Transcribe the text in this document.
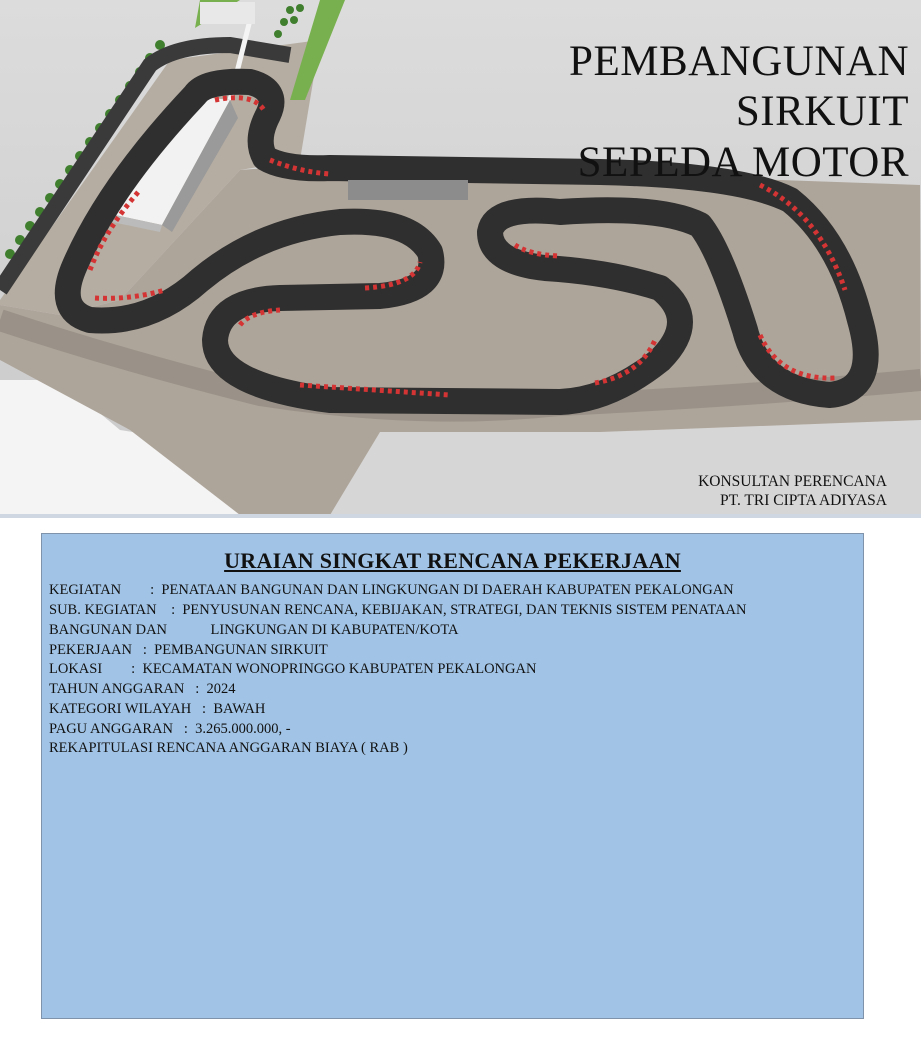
PEMBANGUNAN
SIRKUIT
SEPEDA MOTOR
KONSULTAN PERENCANA
PT. TRI CIPTA ADIYASA
URAIAN SINGKAT RENCANA PEKERJAAN
KEGIATAN        :  PENATAAN BANGUNAN DAN LINGKUNGAN DI DAERAH KABUPATEN PEKALONGAN
SUB. KEGIATAN    :  PENYUSUNAN RENCANA, KEBIJAKAN, STRATEGI, DAN TEKNIS SISTEM PENATAAN
BANGUNAN DAN            LINGKUNGAN DI KABUPATEN/KOTA
PEKERJAAN   :  PEMBANGUNAN SIRKUIT
LOKASI        :  KECAMATAN WONOPRINGGO KABUPATEN PEKALONGAN
TAHUN ANGGARAN   :  2024
KATEGORI WILAYAH   :  BAWAH
PAGU ANGGARAN   :  3.265.000.000, -
REKAPITULASI RENCANA ANGGARAN BIAYA ( RAB )
